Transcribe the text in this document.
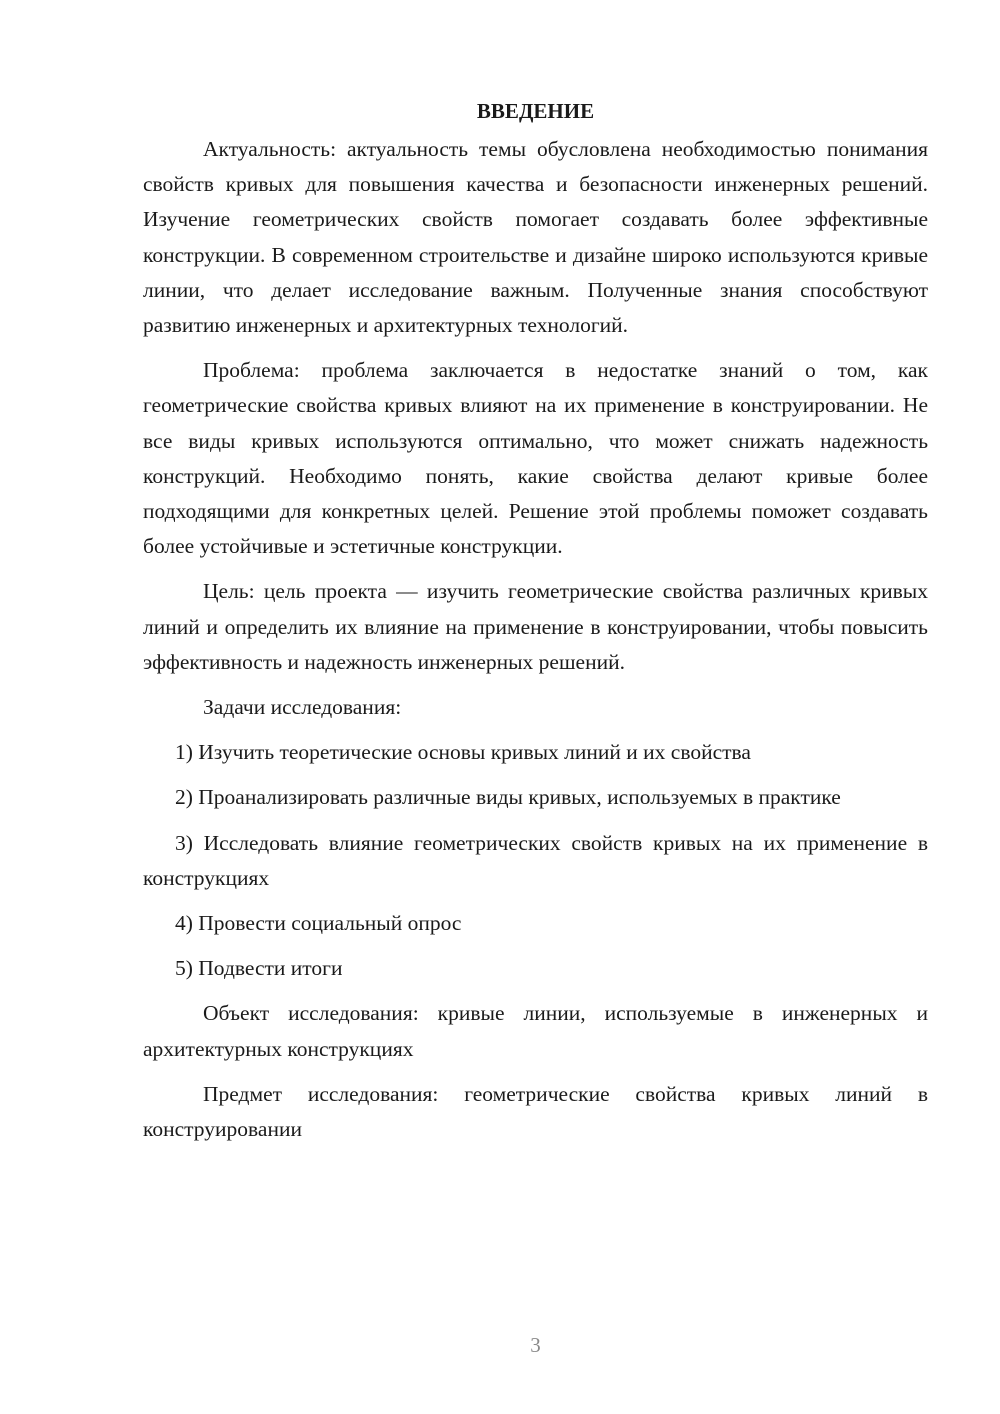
ВВЕДЕНИЕ

Актуальность: актуальность темы обусловлена необходимостью понимания свойств кривых для повышения качества и безопасности инженерных решений. Изучение геометрических свойств помогает создавать более эффективные конструкции. В современном строительстве и дизайне широко используются кривые линии, что делает исследование важным. Полученные знания способствуют развитию инженерных и архитектурных технологий.

Проблема: проблема заключается в недостатке знаний о том, как геометрические свойства кривых влияют на их применение в конструировании. Не все виды кривых используются оптимально, что может снижать надежность конструкций. Необходимо понять, какие свойства делают кривые более подходящими для конкретных целей. Решение этой проблемы поможет создавать более устойчивые и эстетичные конструкции.

Цель: цель проекта — изучить геометрические свойства различных кривых линий и определить их влияние на применение в конструировании, чтобы повысить эффективность и надежность инженерных решений.

Задачи исследования:

1) Изучить теоретические основы кривых линий и их свойства

2) Проанализировать различные виды кривых, используемых в практике

3) Исследовать влияние геометрических свойств кривых на их применение в конструкциях

4) Провести социальный опрос

5) Подвести итоги

Объект исследования: кривые линии, используемые в инженерных и архитектурных конструкциях

Предмет исследования: геометрические свойства кривых линий в конструировании

3
